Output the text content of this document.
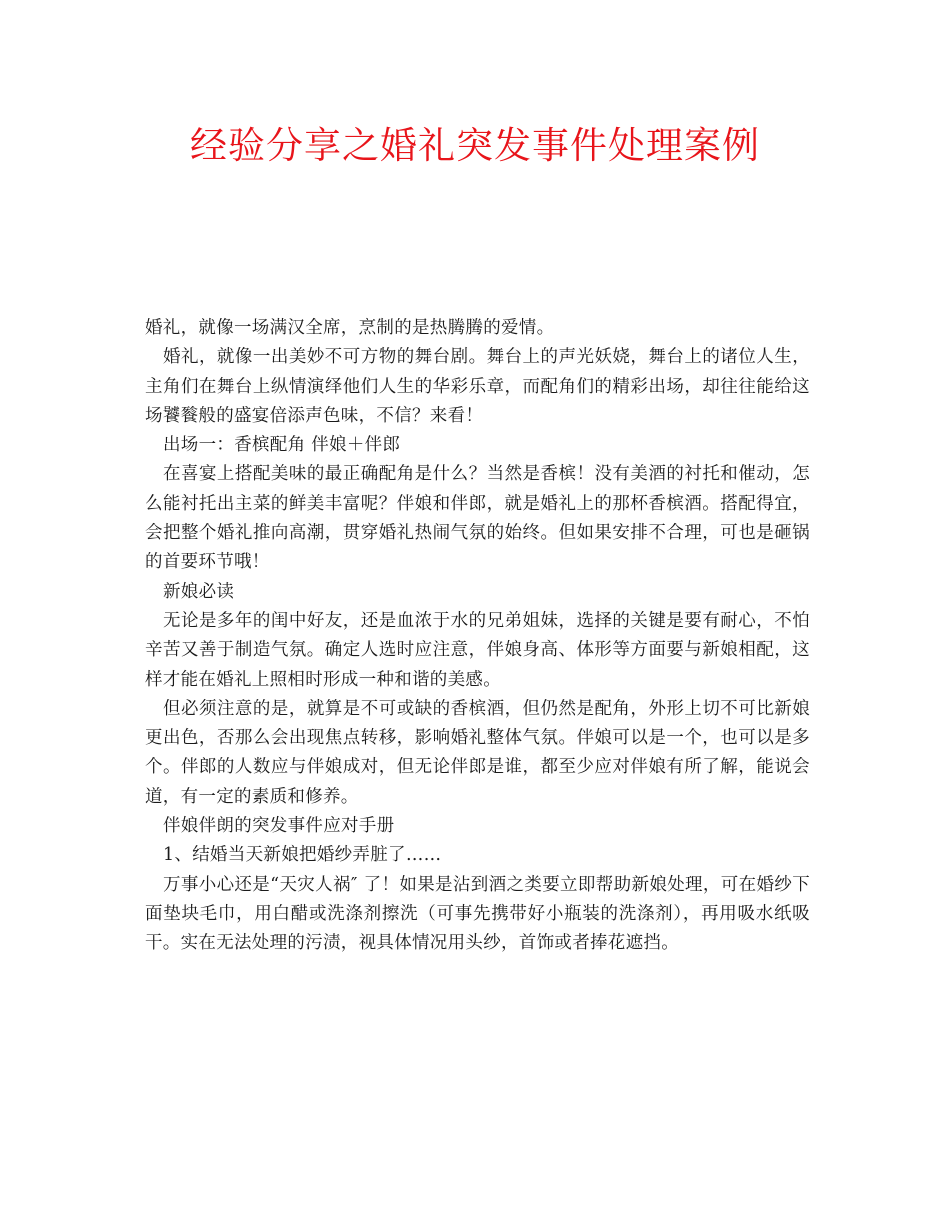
经验分享之婚礼突发事件处理案例

婚礼，就像一场满汉全席，烹制的是热腾腾的爱情。

婚礼，就像一出美妙不可方物的舞台剧。舞台上的声光妖娆，舞台上的诸位人生，主角们在舞台上纵情演绎他们人生的华彩乐章，而配角们的精彩出场，却往往能给这场饕餮般的盛宴倍添声色味，不信？来看！

出场一：香槟配角 伴娘＋伴郎

在喜宴上搭配美味的最正确配角是什么？当然是香槟！没有美酒的衬托和催动，怎么能衬托出主菜的鲜美丰富呢？伴娘和伴郎，就是婚礼上的那杯香槟酒。搭配得宜，会把整个婚礼推向高潮，贯穿婚礼热闹气氛的始终。但如果安排不合理，可也是砸锅的首要环节哦！

新娘必读

无论是多年的闺中好友，还是血浓于水的兄弟姐妹，选择的关键是要有耐心，不怕辛苦又善于制造气氛。确定人选时应注意，伴娘身高、体形等方面要与新娘相配，这样才能在婚礼上照相时形成一种和谐的美感。

但必须注意的是，就算是不可或缺的香槟酒，但仍然是配角，外形上切不可比新娘更出色，否那么会出现焦点转移，影响婚礼整体气氛。伴娘可以是一个，也可以是多个。伴郎的人数应与伴娘成对，但无论伴郎是谁，都至少应对伴娘有所了解，能说会道，有一定的素质和修养。

伴娘伴朗的突发事件应对手册

1、结婚当天新娘把婚纱弄脏了……

万事小心还是“天灾人祸″ 了！如果是沾到酒之类要立即帮助新娘处理，可在婚纱下面垫块毛巾，用白醋或洗涤剂擦洗（可事先携带好小瓶装的洗涤剂），再用吸水纸吸干。实在无法处理的污渍，视具体情况用头纱，首饰或者捧花遮挡。
